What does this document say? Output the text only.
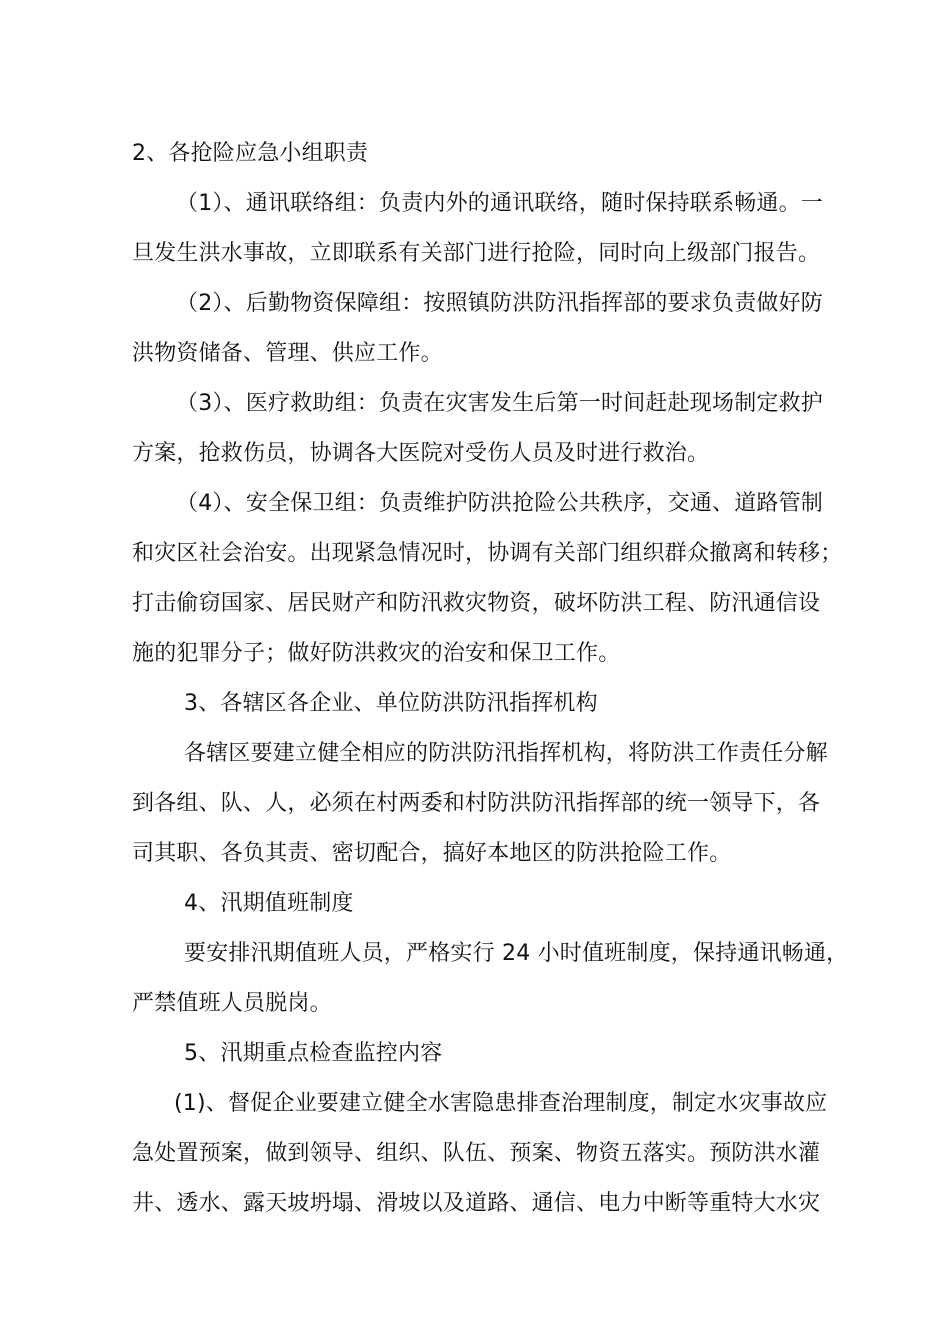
2、各抢险应急小组职责
（1）、通讯联络组：负责内外的通讯联络，随时保持联系畅通。一
旦发生洪水事故，立即联系有关部门进行抢险，同时向上级部门报告。
（2）、后勤物资保障组：按照镇防洪防汛指挥部的要求负责做好防
洪物资储备、管理、供应工作。
（3）、医疗救助组：负责在灾害发生后第一时间赶赴现场制定救护
方案，抢救伤员，协调各大医院对受伤人员及时进行救治。
（4）、安全保卫组：负责维护防洪抢险公共秩序，交通、道路管制
和灾区社会治安。出现紧急情况时，协调有关部门组织群众撤离和转移；
打击偷窃国家、居民财产和防汛救灾物资，破坏防洪工程、防汛通信设
施的犯罪分子；做好防洪救灾的治安和保卫工作。
3、各辖区各企业、单位防洪防汛指挥机构
各辖区要建立健全相应的防洪防汛指挥机构，将防洪工作责任分解
到各组、队、人，必须在村两委和村防洪防汛指挥部的统一领导下，各
司其职、各负其责、密切配合，搞好本地区的防洪抢险工作。
4、汛期值班制度
要安排汛期值班人员，严格实行 24 小时值班制度，保持通讯畅通，
严禁值班人员脱岗。
5、汛期重点检查监控内容
(1)、督促企业要建立健全水害隐患排查治理制度，制定水灾事故应
急处置预案，做到领导、组织、队伍、预案、物资五落实。预防洪水灌
井、透水、露天坡坍塌、滑坡以及道路、通信、电力中断等重特大水灾
